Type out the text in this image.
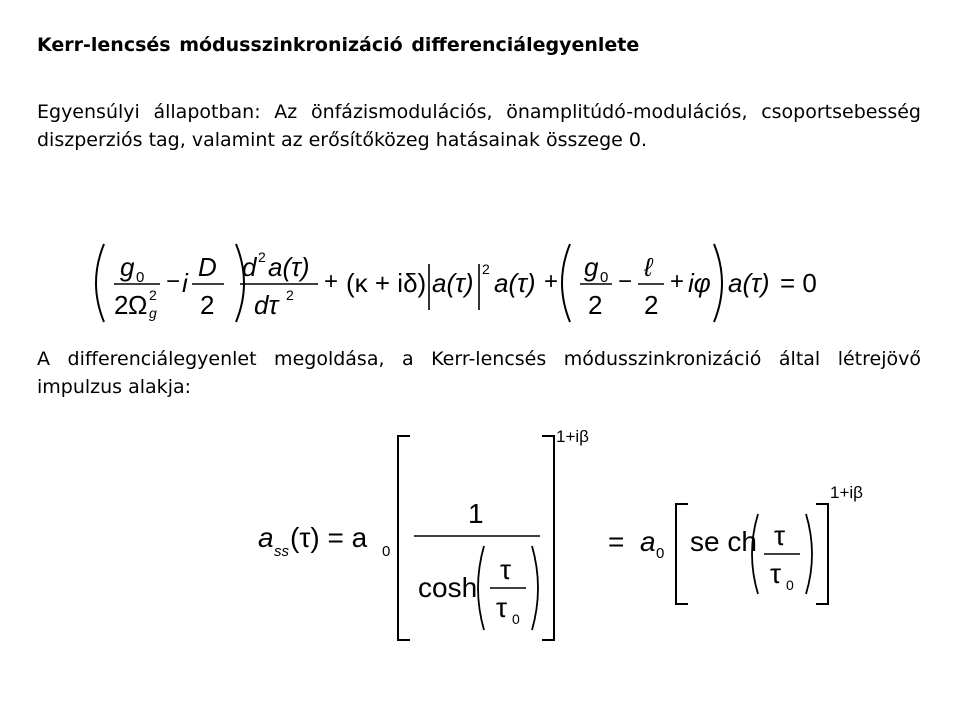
Kerr-lencsés módusszinkronizáció differenciálegyenlete
Egyensúlyi állapotban: Az önfázismodulációs, önamplitúdó-modulációs, csoportsebesség diszperziós tag, valamint az erősítőközeg hatásainak összege 0.
g 0
2 Ω 2
g
− i
D
2
d 2 a(τ)
dτ 2 + (κ + iδ) a(τ) 2 a(τ) + g 0
2
− ℓ
2
+ iφ a(τ) = 0
A differenciálegyenlet megoldása, a Kerr-lencsés módusszinkronizáció által létrejövő impulzus alakja:
a ss (τ) = a 0
1
cosh
τ
τ 0
1+iβ
= a 0 se ch τ
τ 0
1+iβ
